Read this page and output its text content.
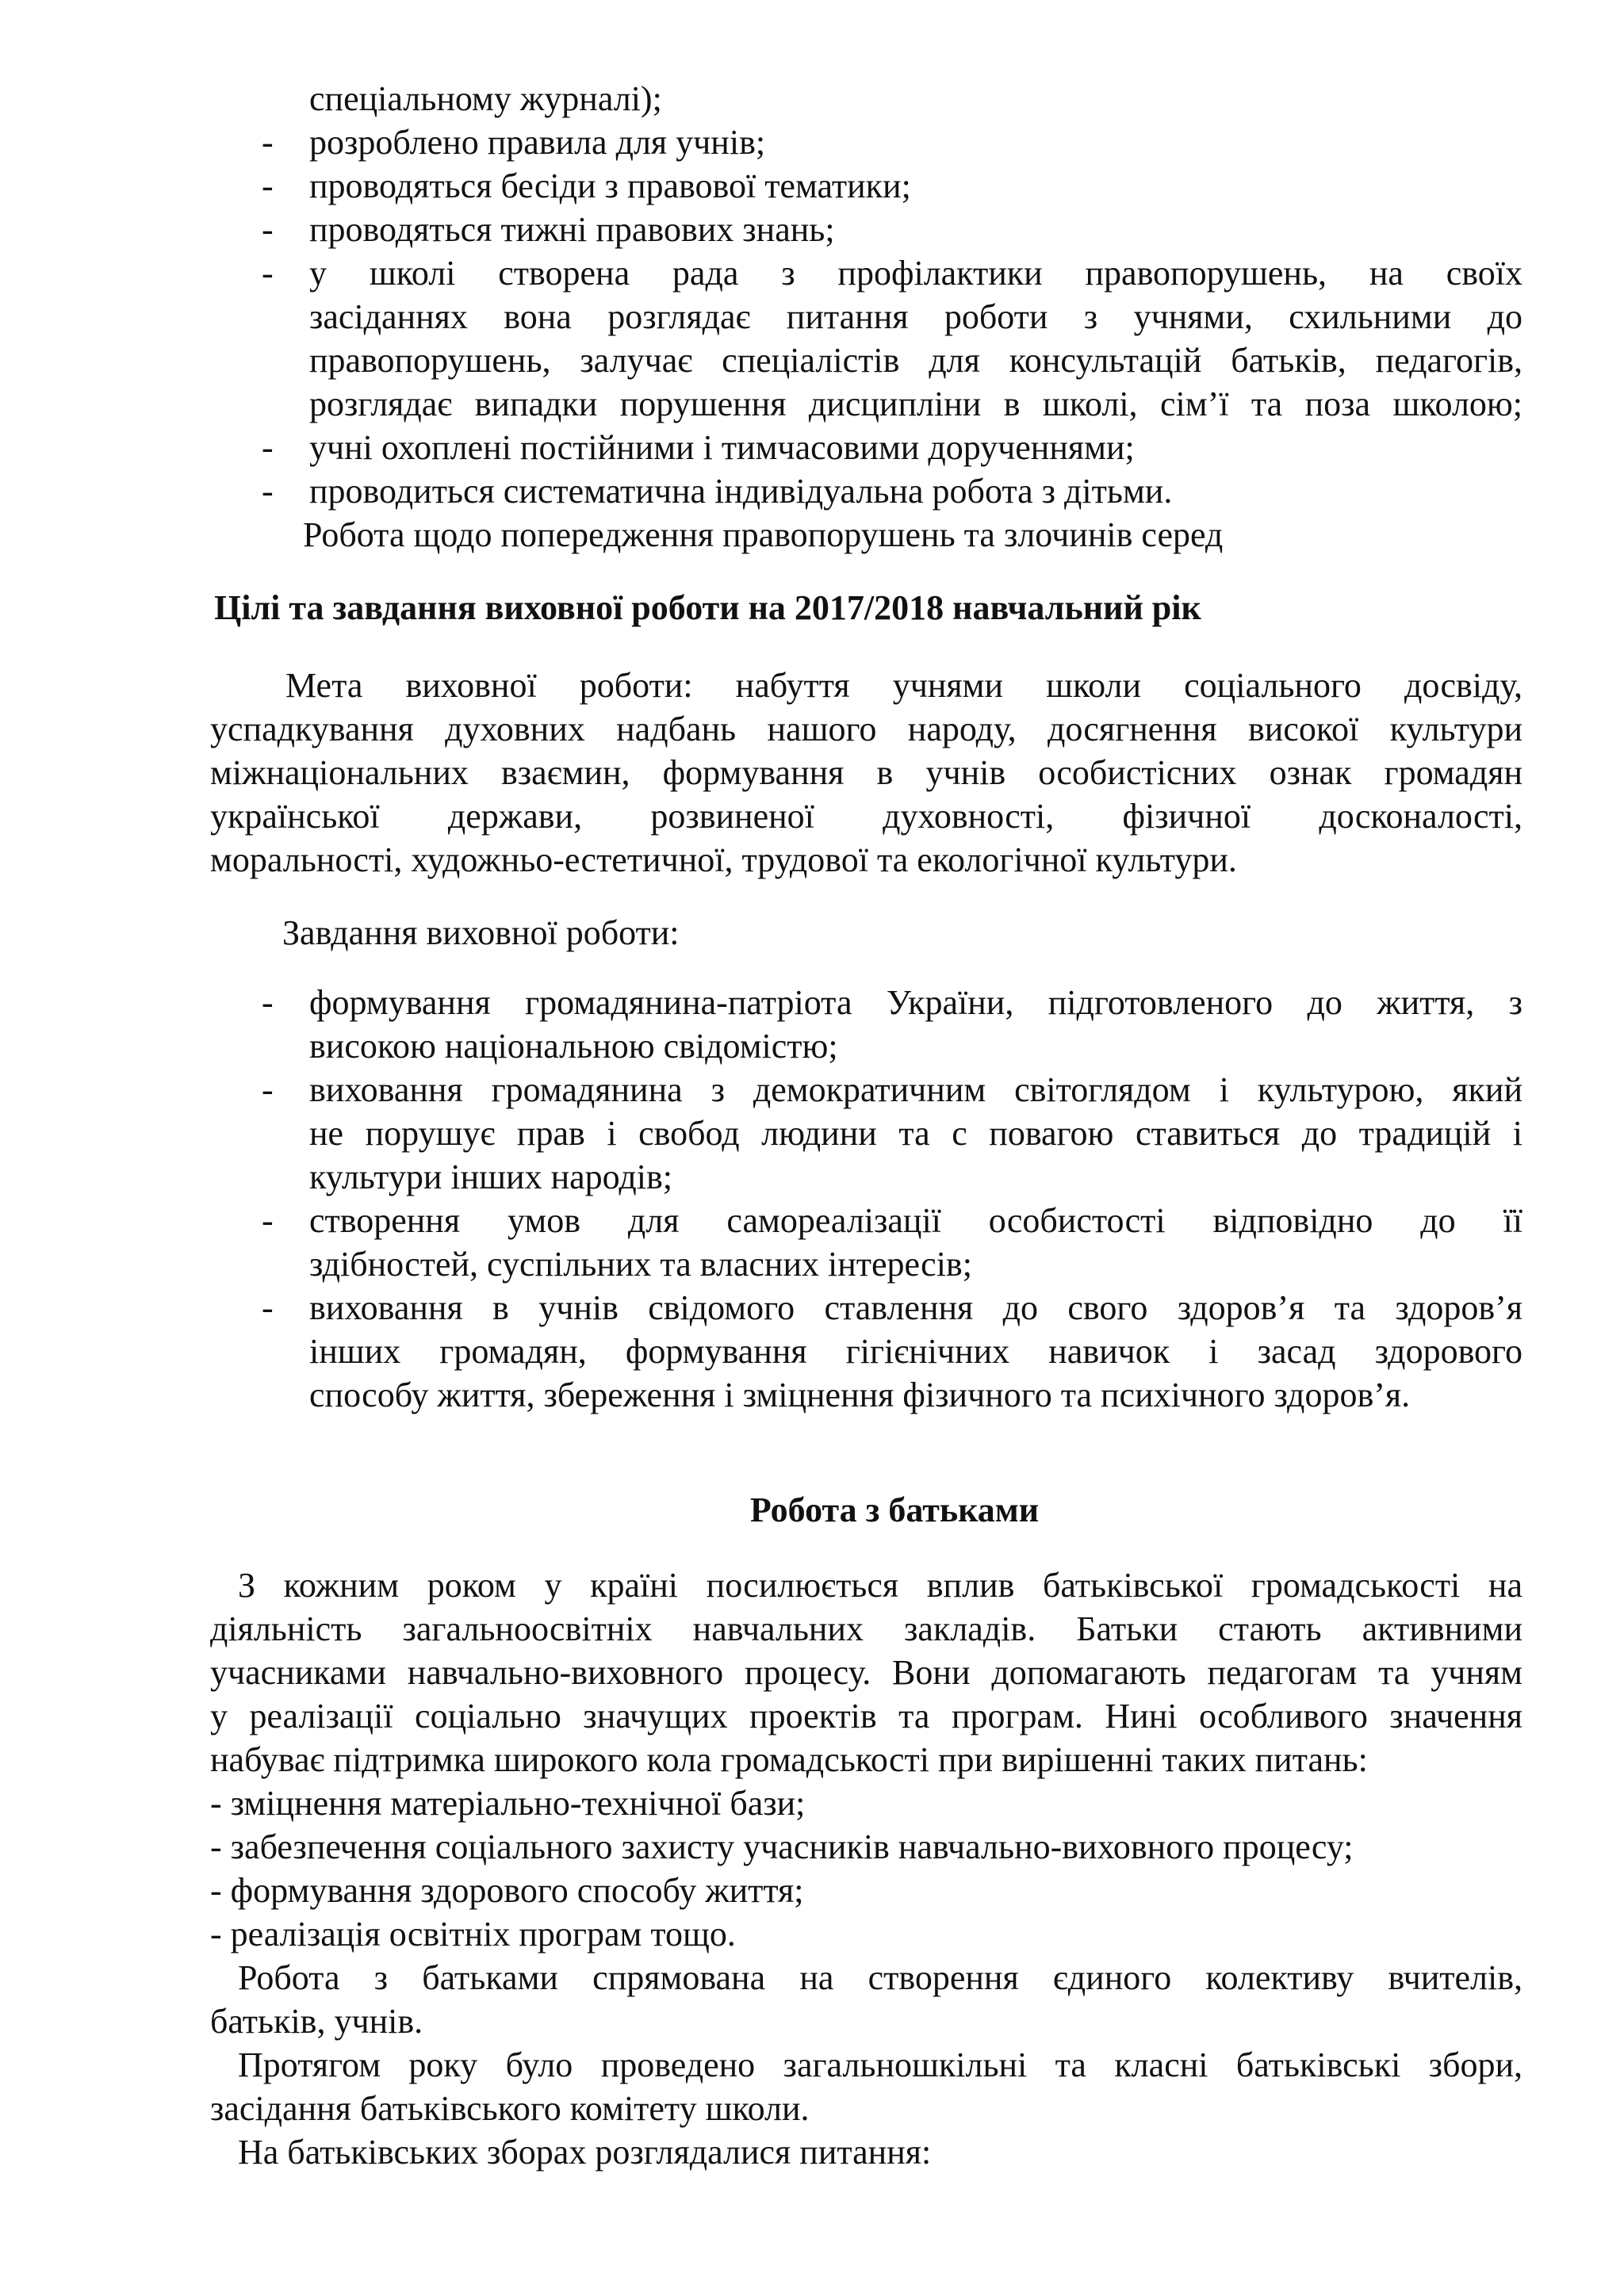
спеціальному журналі);
- розроблено правила для учнів;
- проводяться бесіди з правової тематики;
- проводяться тижні правових знань;
- у школі створена рада з профілактики правопорушень, на своїх
засіданнях вона розглядає питання роботи з учнями, схильними до
правопорушень, залучає спеціалістів для консультацій батьків, педагогів,
розглядає випадки порушення дисципліни в школі, сім’ї та поза школою;
- учні охоплені постійними і тимчасовими дорученнями;
- проводиться систематична індивідуальна робота з дітьми.
Робота щодо попередження правопорушень та злочинів серед
Цілі та завдання виховної роботи на 2017/2018 навчальний рік
Мета виховної роботи: набуття учнями школи соціального досвіду,
успадкування духовних надбань нашого народу, досягнення високої культури
міжнаціональних взаємин, формування в учнів особистісних ознак громадян
української держави, розвиненої духовності, фізичної досконалості,
моральності, художньо-естетичної, трудової та екологічної культури.
Завдання виховної роботи:
- формування громадянина-патріота України, підготовленого до життя, з
високою національною свідомістю;
- виховання громадянина з демократичним світоглядом і культурою, який
не порушує прав і свобод людини та с повагою ставиться до традицій і
культури інших народів;
- створення умов для самореалізації особистості відповідно до її
здібностей, суспільних та власних інтересів;
- виховання в учнів свідомого ставлення до свого здоров’я та здоров’я
інших громадян, формування гігієнічних навичок і засад здорового
способу життя, збереження і зміцнення фізичного та психічного здоров’я.
Робота з батьками
З кожним роком у країні посилюється вплив батьківської громадськості на
діяльність загальноосвітніх навчальних закладів. Батьки стають активними
учасниками навчально-виховного процесу. Вони допомагають педагогам та учням
у реалізації соціально значущих проектів та програм. Нині особливого значення
набуває підтримка широкого кола громадськості при вирішенні таких питань:
- зміцнення матеріально-технічної бази;
- забезпечення соціального захисту учасників навчально-виховного процесу;
- формування здорового способу життя;
- реалізація освітніх програм тощо.
Робота з батьками спрямована на створення єдиного колективу вчителів,
батьків, учнів.
Протягом року було проведено загальношкільні та класні батьківські збори,
засідання батьківського комітету школи.
На батьківських зборах розглядалися питання:
